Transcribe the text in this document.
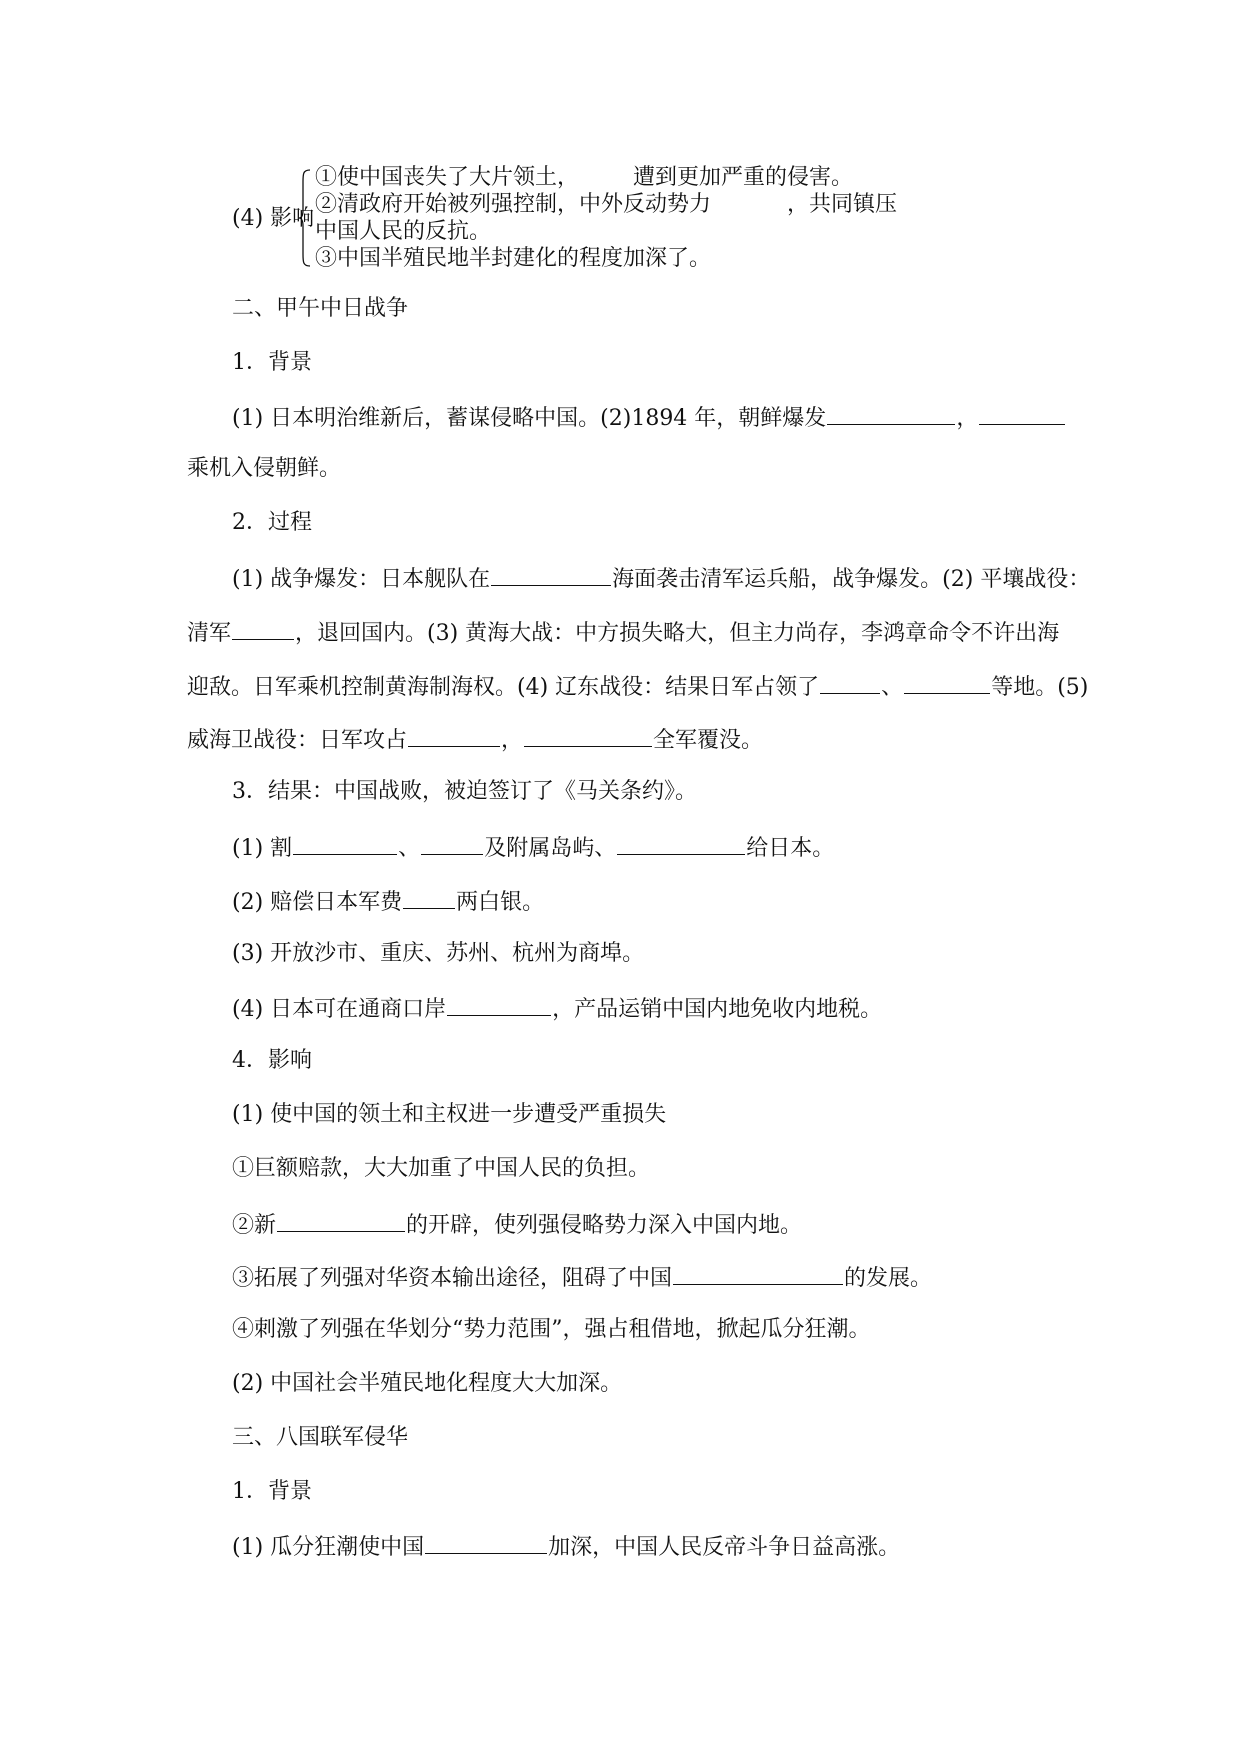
(4) 影响
①使中国丧失了大片领土， 遭到更加严重的侵害。
②清政府开始被列强控制，中外反动势力	，共同镇压
中国人民的反抗。
③中国半殖民地半封建化的程度加深了。
二、甲午中日战争
1．背景
(1) 日本明治维新后，蓄谋侵略中国。(2)1894 年，朝鲜爆发	，
乘机入侵朝鲜。
2．过程
(1) 战争爆发：日本舰队在	海面袭击清军运兵船，战争爆发。(2) 平壤战役：
清军	，退回国内。(3) 黄海大战：中方损失略大，但主力尚存，李鸿章命令不许出海
迎敌。日军乘机控制黄海制海权。(4) 辽东战役：结果日军占领了	、	等地。(5)
威海卫战役：日军攻占	，	全军覆没。
3．结果：中国战败，被迫签订了《马关条约》。
(1) 割	、	及附属岛屿、	给日本。
(2) 赔偿日本军费 两白银。
(3) 开放沙市、重庆、苏州、杭州为商埠。
(4) 日本可在通商口岸	，产品运销中国内地免收内地税。
4．影响
(1) 使中国的领土和主权进一步遭受严重损失
①巨额赔款，大大加重了中国人民的负担。
②新	的开辟，使列强侵略势力深入中国内地。
③拓展了列强对华资本输出途径，阻碍了中国	的发展。
④刺激了列强在华划分“势力范围”，强占租借地，掀起瓜分狂潮。
(2) 中国社会半殖民地化程度大大加深。
三、八国联军侵华
1．背景
(1) 瓜分狂潮使中国	加深，中国人民反帝斗争日益高涨。
